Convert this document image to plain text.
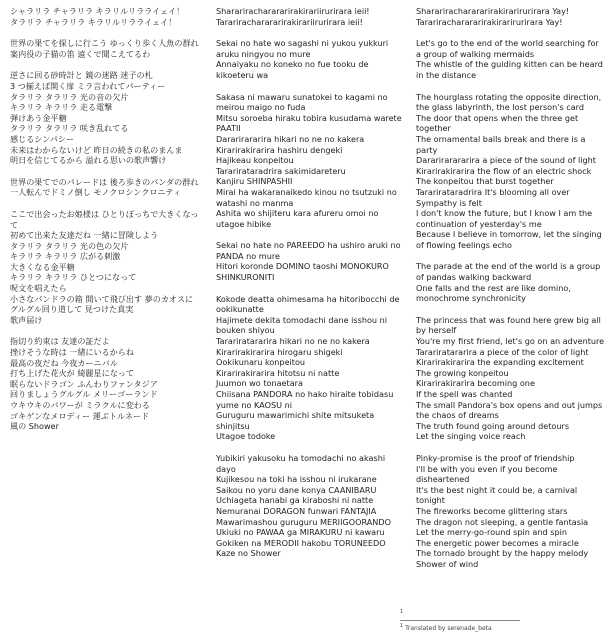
シャラリラ チャラリラ キラリルリラライェイ！
タラリラ チャラリラ キラリルリラライェイ！
世界の果てを探しに行こう ゆっくり歩く人魚の群れ
案内役の子猫の笛 遠くで聞こえてるわ
逆さに回る砂時計と 鏡の迷路 迷子の札
3 つ揃えば開く扉 ミラ言われてパーティー
タラリラ タラリラ 光の音の欠片
キラリラ キラリラ 走る電撃
弾けあう金平糖
タラリラ タラリラ 咲き乱れてる
感じるシンパシー
未来はわからないけど 昨日の続きの私のまんま
明日を信じてるから 溢れる思いの歌声響け
世界の果てでのパレードは 後ろ歩きのパンダの群れ
一人転んでドミノ倒し モノクロシンクロニティ
ここで出会ったお姫様は ひとりぼっちで大きくなって
初めて出来た友達だね 一緒に冒険しよう
タラリラ タラリラ 光の色の欠片
キラリラ キラリラ 広がる刺激
大きくなる金平糖
キラリラ キラリラ ひとつになって
呪文を唱えたら
小さなパンドラの箱 開いて飛び出す 夢のカオスに
グルグル回り道して 見つけた真実
歌声届け
指切り約束は 友達の証だよ
挫けそうな時は 一緒にいるからね
最高の夜だね 今夜カーニバル
打ち上げた花火が 綺麗星になって
眠らないドラゴン ふんわりファンタジア
回りましょうグルグル メリーゴーランド
ウキウキのパワーが ミラクルに変わる
ゴキゲンなメロディー 運ぶトルネード
風の Shower
Sharariracharararirakirariirurirara ieii!
Tarariracharararirakirariirurirara ieii!
Sekai no hate wo sagashi ni yukou yukkuri aruku ningyou no mure
Annaiyaku no koneko no fue tooku de kikoeteru wa
Sakasa ni mawaru sunatokei to kagami no meirou maigo no fuda
Mitsu soroeba hiraku tobira kusudama warete PAATII
Dararirararira hikari no ne no kakera
Kirarirakirarira hashiru dengeki
Hajikeau konpeitou
Tararirataradrira sakimidareteru
Kanjiru SHINPASHII
Mirai ha wakaranaikedo kinou no tsutzuki no watashi no manma
Ashita wo shijiteru kara afureru omoi no utagoe hibike
Sekai no hate no PAREEDO ha ushiro aruki no PANDA no mure
Hitori koronde DOMINO taoshi MONOKURO SHINKURONITI
Kokode deatta ohimesama ha hitoribocchi de ookikunatte
Hajimete dekita tomodachi dane isshou ni bouken shiyou
Tarariratararira hikari no ne no kakera
Kirarirakirarira hirogaru shigeki
Ookikunaru konpeitou
Kirarirakirarira hitotsu ni natte
Juumon wo tonaetara
Chiisana PANDORA no hako hiraite tobidasu yume no KAOSU ni
Guruguru mawarimichi shite mitsuketa shinjitsu
Utagoe todoke
Yubikiri yakusoku ha tomodachi no akashi dayo
Kujikesou na toki ha isshou ni irukarane
Saikou no yoru dane konya CAANIBARU
Uchiageta hanabi ga kiraboshi ni natte
Nemuranai DORAGON funwari FANTAJIA
Mawarimashou guruguru MERIIGOORANDO
Ukiuki no PAWAA ga MIRAKURU ni kawaru
Gokiken na MERODII hakobu TORUNEEDO
Kaze no Shower
Sharariracharararirakirarirurirara Yay!
Tarariracharararirakirarirurirara Yay!
Let's go to the end of the world searching for a group of walking mermaids
The whistle of the guiding kitten can be heard in the distance
The hourglass rotating the opposite direction, the glass labyrinth, the lost person's card
The door that opens when the three get together
The ornamental balls break and there is a party
Dararirarararira a piece of the sound of light
Kirarirakirarira the flow of an electric shock
The konpeitou that burst together
Tararirataradrira It's blooming all over
Sympathy is felt
I don't know the future, but I know I am the continuation of yesterday's me
Because I believe in tomorrow, let the singing of flowing feelings echo
The parade at the end of the world is a group of pandas walking backward
One falls and the rest are like domino, monochrome synchronicity
The princess that was found here grew big all by herself
You're my first friend, let's go on an adventure
Tarariratararira a piece of the color of light
Kirarirakirarira the expanding excitement
The growing konpeitou
Kirarirakirarira becoming one
If the spell was chanted
The small Pandora's box opens and out jumps the chaos of dreams
The truth found going around detours
Let the singing voice reach
Pinky-promise is the proof of friendship
I'll be with you even if you become disheartened
It's the best night it could be, a carnival tonight
The fireworks become glittering stars
The dragon not sleeping, a gentle fantasia
Let the merry-go-round spin and spin
The energetic power becomes a miracle
The tornado brought by the happy melody
Shower of wind
1
$^1$ Translated by serenade_beta
